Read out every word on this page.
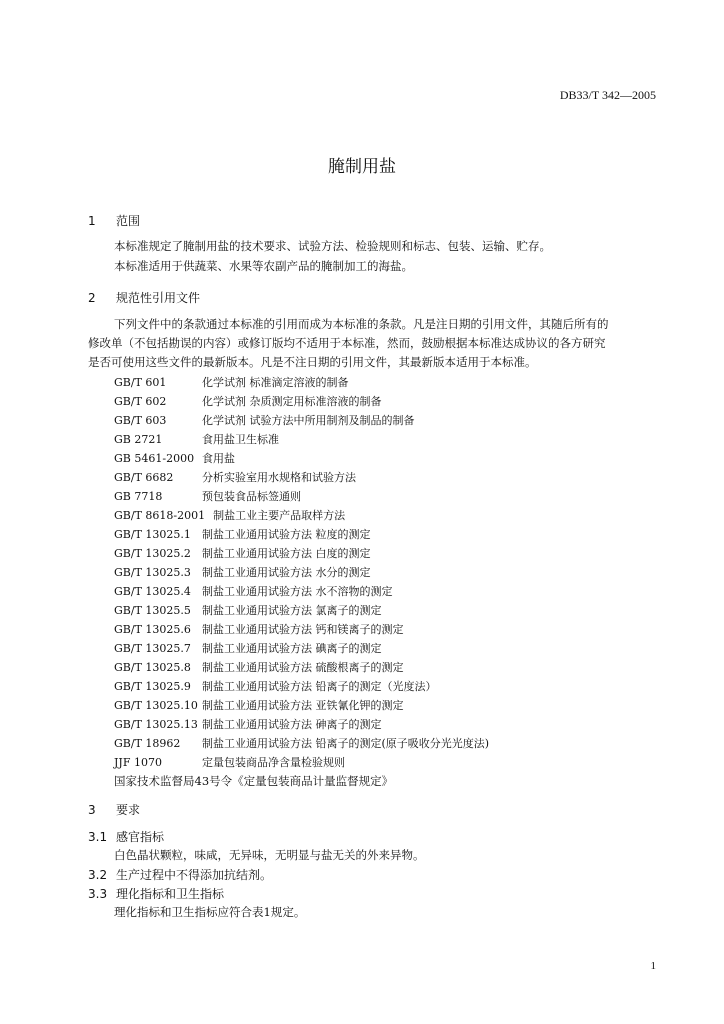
DB33/T 342—2005
腌制用盐
1 范围
本标准规定了腌制用盐的技术要求、试验方法、检验规则和标志、包装、运输、贮存。
本标准适用于供蔬菜、水果等农副产品的腌制加工的海盐。
2 规范性引用文件
下列文件中的条款通过本标准的引用而成为本标准的条款。凡是注日期的引用文件，其随后所有的
修改单（不包括勘误的内容）或修订版均不适用于本标准，然而，鼓励根据本标准达成协议的各方研究
是否可使用这些文件的最新版本。凡是不注日期的引用文件，其最新版本适用于本标准。
GB/T 601	化学试剂 标准滴定溶液的制备
GB/T 602	化学试剂 杂质测定用标准溶液的制备
GB/T 603	化学试剂 试验方法中所用制剂及制品的制备
GB 2721	食用盐卫生标准
GB 5461-2000 食用盐
GB/T 6682	分析实验室用水规格和试验方法
GB 7718	预包装食品标签通则
GB/T 8618-2001 制盐工业主要产品取样方法
GB/T 13025.1 制盐工业通用试验方法 粒度的测定
GB/T 13025.2 制盐工业通用试验方法 白度的测定
GB/T 13025.3 制盐工业通用试验方法 水分的测定
GB/T 13025.4 制盐工业通用试验方法 水不溶物的测定
GB/T 13025.5 制盐工业通用试验方法 氯离子的测定
GB/T 13025.6 制盐工业通用试验方法 钙和镁离子的测定
GB/T 13025.7 制盐工业通用试验方法 碘离子的测定
GB/T 13025.8 制盐工业通用试验方法 硫酸根离子的测定
GB/T 13025.9 制盐工业通用试验方法 铅离子的测定（光度法）
GB/T 13025.10 制盐工业通用试验方法 亚铁氰化钾的测定
GB/T 13025.13 制盐工业通用试验方法 砷离子的测定
GB/T 18962 制盐工业通用试验方法 铅离子的测定(原子吸收分光光度法)
JJF 1070	定量包装商品净含量检验规则
国家技术监督局43号令《定量包装商品计量监督规定》
3 要求
3.1 感官指标
白色晶状颗粒，味咸，无异味，无明显与盐无关的外来异物。
3.2 生产过程中不得添加抗结剂。
3.3 理化指标和卫生指标
理化指标和卫生指标应符合表1规定。
1
